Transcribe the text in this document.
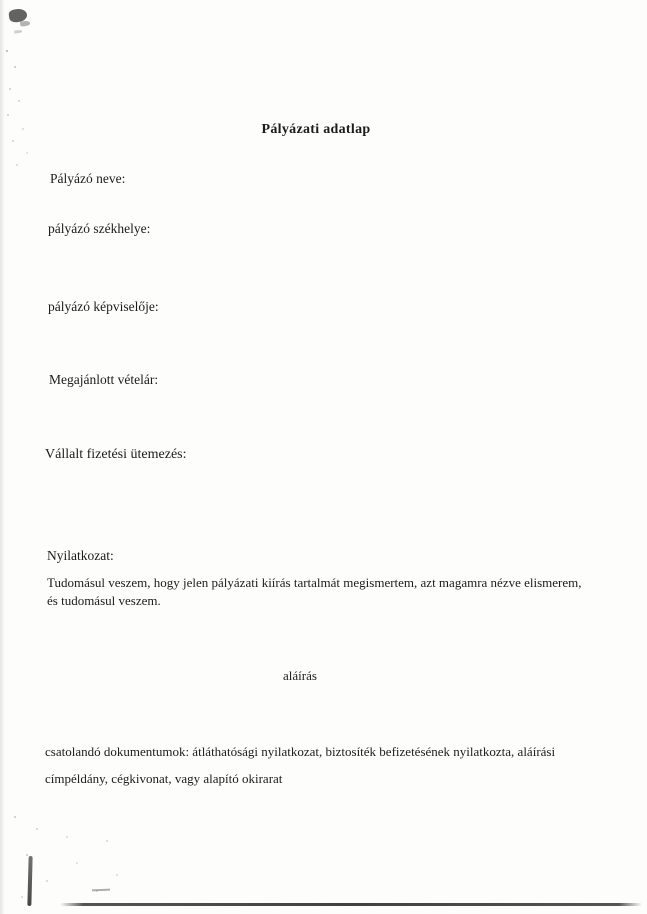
Pályázati adatlap
Pályázó neve:
pályázó székhelye:
pályázó képviselője:
Megajánlott vételár:
Vállalt fizetési ütemezés:
Nyilatkozat:
Tudomásul veszem, hogy jelen pályázati kiírás tartalmát megismertem, azt magamra nézve elismerem,
és tudomásul veszem.
aláírás
csatolandó dokumentumok: átláthatósági nyilatkozat, biztosíték befizetésének nyilatkozta, aláírási
címpéldány, cégkivonat, vagy alapító okirarat
